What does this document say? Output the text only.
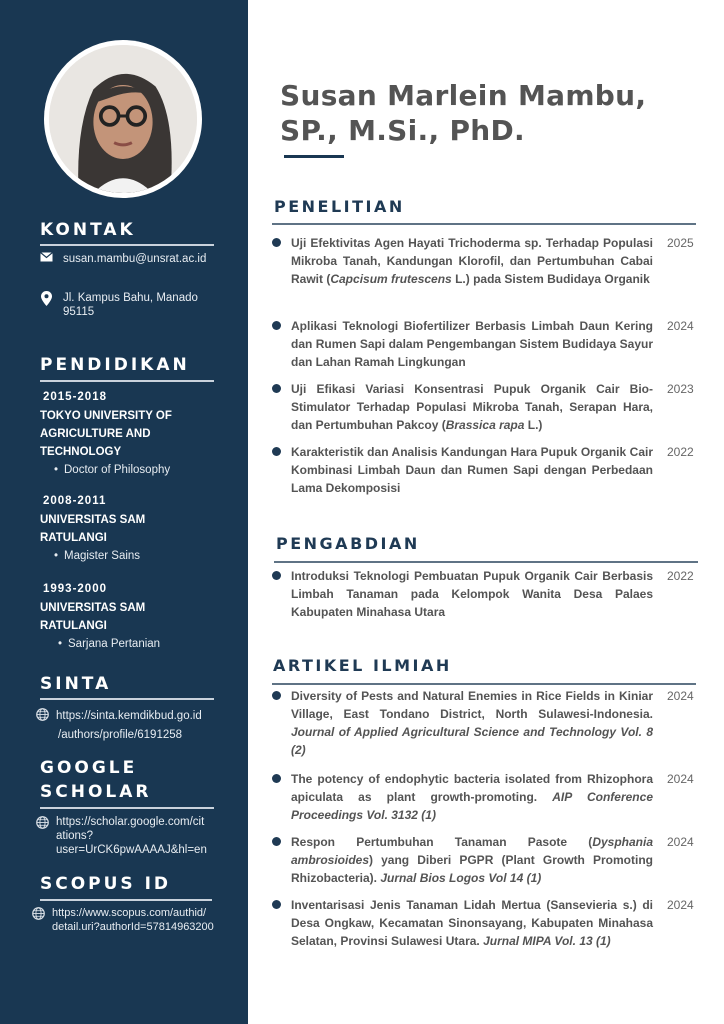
KONTAK
susan.mambu@unsrat.ac.id
Jl. Kampus Bahu, Manado
95115
PENDIDIKAN
2015-2018
TOKYO UNIVERSITY OF AGRICULTURE AND TECHNOLOGY
• Doctor of Philosophy
2008-2011
UNIVERSITAS SAM RATULANGI
• Magister Sains
1993-2000
UNIVERSITAS SAM RATULANGI
• Sarjana Pertanian
SINTA
https://sinta.kemdikbud.go.id
/authors/profile/6191258
GOOGLE
SCHOLAR
https://scholar.google.com/cit
ations?
user=UrCK6pwAAAAJ&hl=en
SCOPUS ID
https://www.scopus.com/authid/
detail.uri?authorId=57814963200
Susan Marlein Mambu,
SP., M.Si., PhD.
PENELITIAN
Uji Efektivitas Agen Hayati Trichoderma sp. Terhadap Populasi Mikroba Tanah, Kandungan Klorofil, dan Pertumbuhan Cabai Rawit (Capcisum frutescens L.) pada Sistem Budidaya Organik
2025
Aplikasi Teknologi Biofertilizer Berbasis Limbah Daun Kering dan Rumen Sapi dalam Pengembangan Sistem Budidaya Sayur dan Lahan Ramah Lingkungan
2024
Uji Efikasi Variasi Konsentrasi Pupuk Organik Cair Bio-Stimulator Terhadap Populasi Mikroba Tanah, Serapan Hara, dan Pertumbuhan Pakcoy (Brassica rapa L.)
2023
Karakteristik dan Analisis Kandungan Hara Pupuk Organik Cair Kombinasi Limbah Daun dan Rumen Sapi dengan Perbedaan Lama Dekomposisi
2022
PENGABDIAN
Introduksi Teknologi Pembuatan Pupuk Organik Cair Berbasis Limbah Tanaman pada Kelompok Wanita Desa Palaes Kabupaten Minahasa Utara
2022
ARTIKEL ILMIAH
Diversity of Pests and Natural Enemies in Rice Fields in Kiniar Village, East Tondano District, North Sulawesi-Indonesia. Journal of Applied Agricultural Science and Technology Vol. 8 (2)
2024
The potency of endophytic bacteria isolated from Rhizophora apiculata as plant growth-promoting. AIP Conference Proceedings Vol. 3132 (1)
2024
Respon Pertumbuhan Tanaman Pasote (Dysphania ambrosioides) yang Diberi PGPR (Plant Growth Promoting Rhizobacteria). Jurnal Bios Logos Vol 14 (1)
2024
Inventarisasi Jenis Tanaman Lidah Mertua (Sansevieria s.) di Desa Ongkaw, Kecamatan Sinonsayang, Kabupaten Minahasa Selatan, Provinsi Sulawesi Utara. Jurnal MIPA Vol. 13 (1)
2024
